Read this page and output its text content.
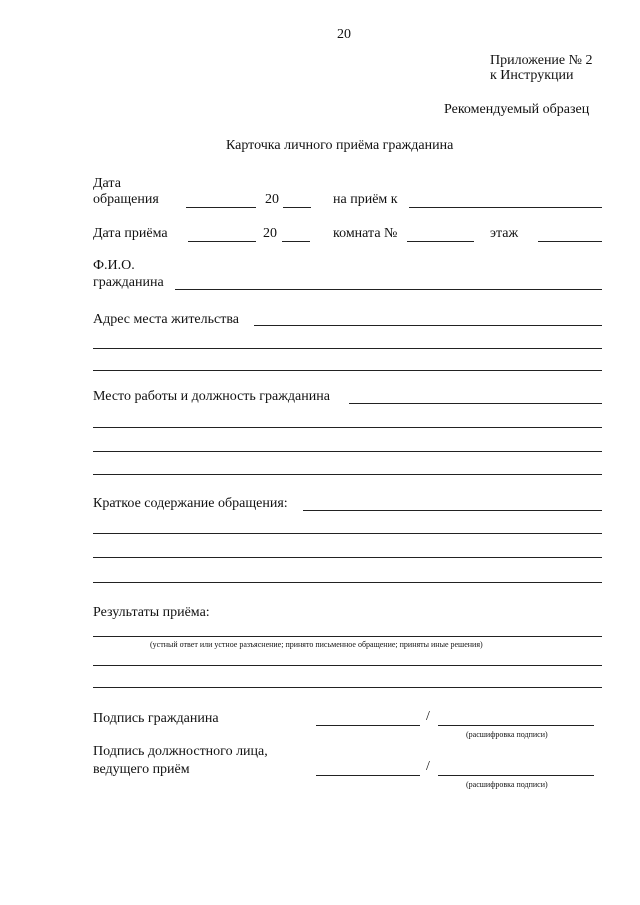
20
Приложение № 2
к Инструкции
Рекомендуемый образец
Карточка личного приёма гражданина
Дата
обращения	20	на приём к
Дата приёма	20	комната №	этаж
Ф.И.О.
гражданина
Адрес места жительства
Место работы и должность гражданина
Краткое содержание обращения:
Результаты приёма:
(устный ответ или устное разъяснение; принято письменное обращение; приняты иные решения)
Подпись гражданина	/
(расшифровка подписи)
Подпись должностного лица,
ведущего приём	/
(расшифровка подписи)
